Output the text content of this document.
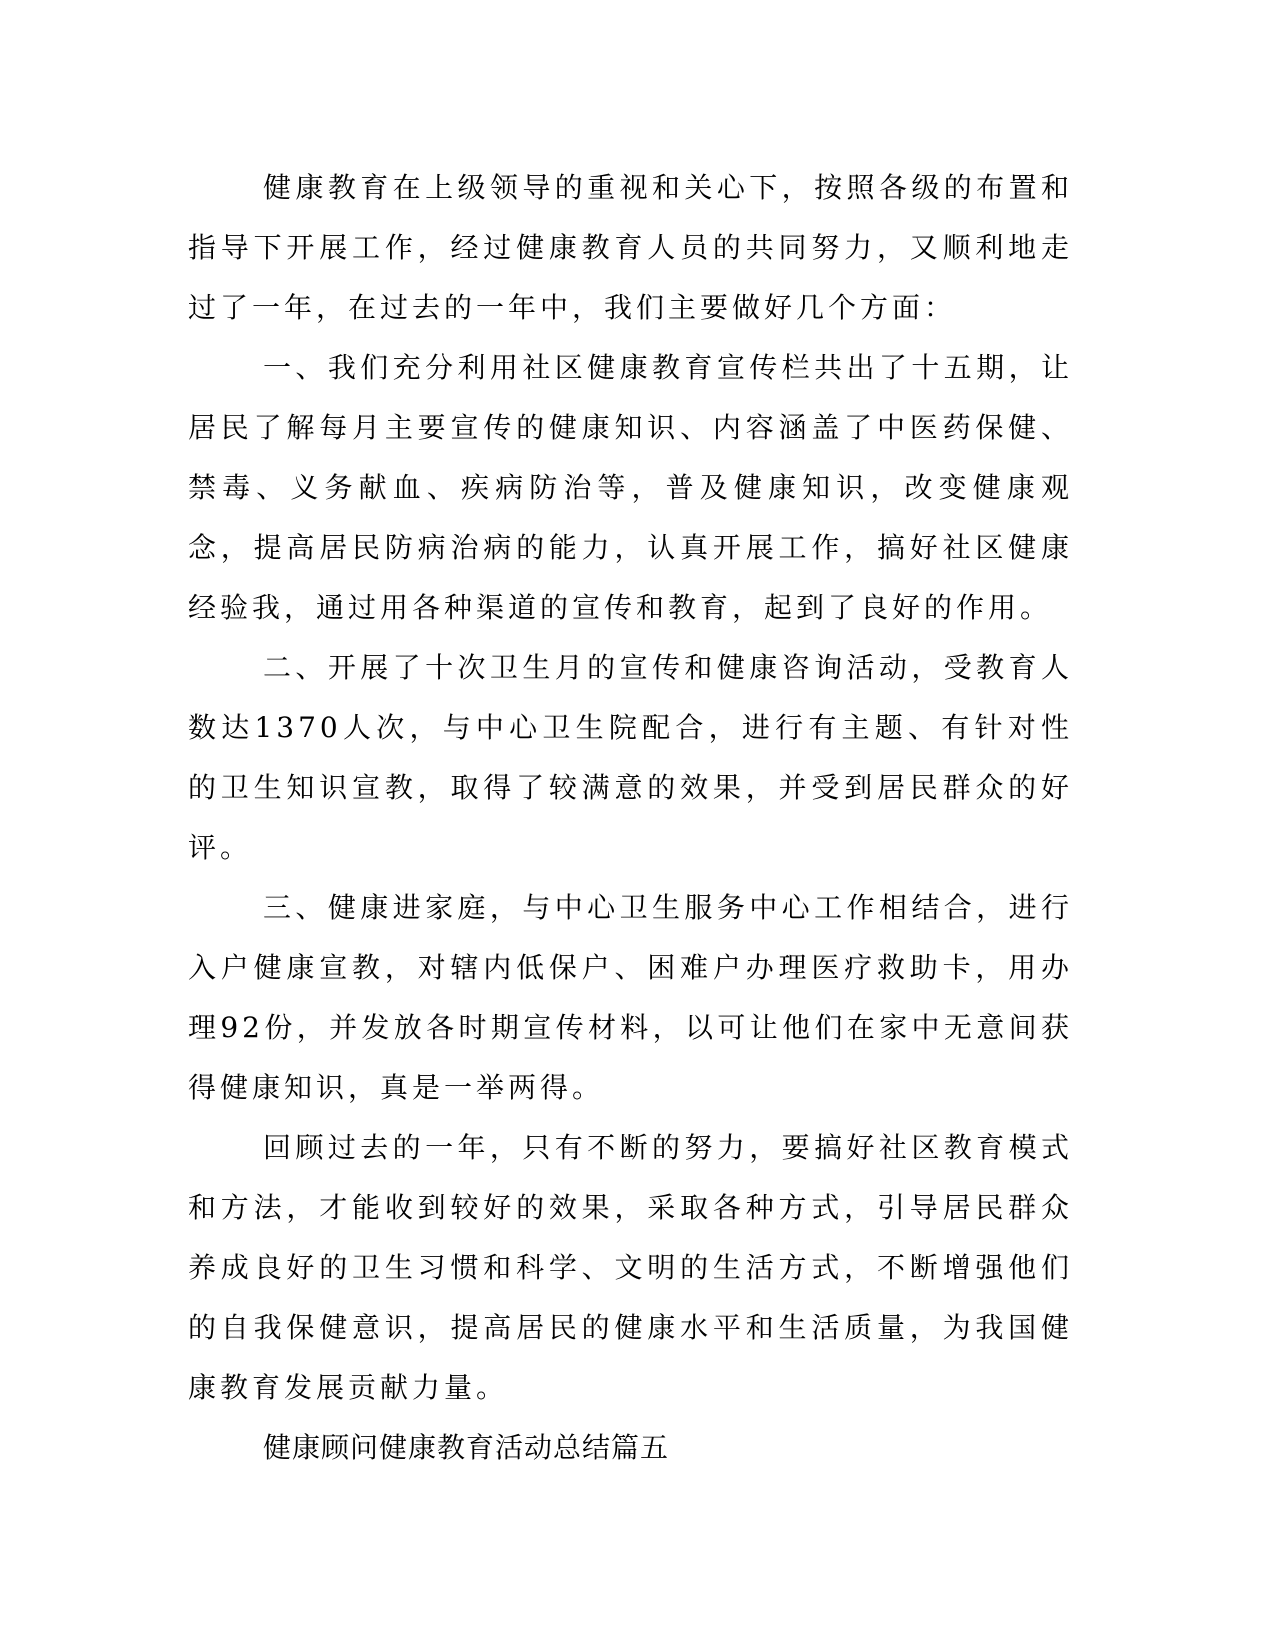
健康教育在上级领导的重视和关心下，按照各级的布置和指导下开展工作，经过健康教育人员的共同努力，又顺利地走过了一年，在过去的一年中，我们主要做好几个方面：

一、我们充分利用社区健康教育宣传栏共出了十五期，让居民了解每月主要宣传的健康知识、内容涵盖了中医药保健、禁毒、义务献血、疾病防治等，普及健康知识，改变健康观念，提高居民防病治病的能力，认真开展工作，搞好社区健康经验我，通过用各种渠道的宣传和教育，起到了良好的作用。

二、开展了十次卫生月的宣传和健康咨询活动，受教育人数达1370人次，与中心卫生院配合，进行有主题、有针对性的卫生知识宣教，取得了较满意的效果，并受到居民群众的好评。

三、健康进家庭，与中心卫生服务中心工作相结合，进行入户健康宣教，对辖内低保户、困难户办理医疗救助卡，用办理92份，并发放各时期宣传材料，以可让他们在家中无意间获得健康知识，真是一举两得。

回顾过去的一年，只有不断的努力，要搞好社区教育模式和方法，才能收到较好的效果，采取各种方式，引导居民群众养成良好的卫生习惯和科学、文明的生活方式，不断增强他们的自我保健意识，提高居民的健康水平和生活质量，为我国健康教育发展贡献力量。

健康顾问健康教育活动总结篇五
